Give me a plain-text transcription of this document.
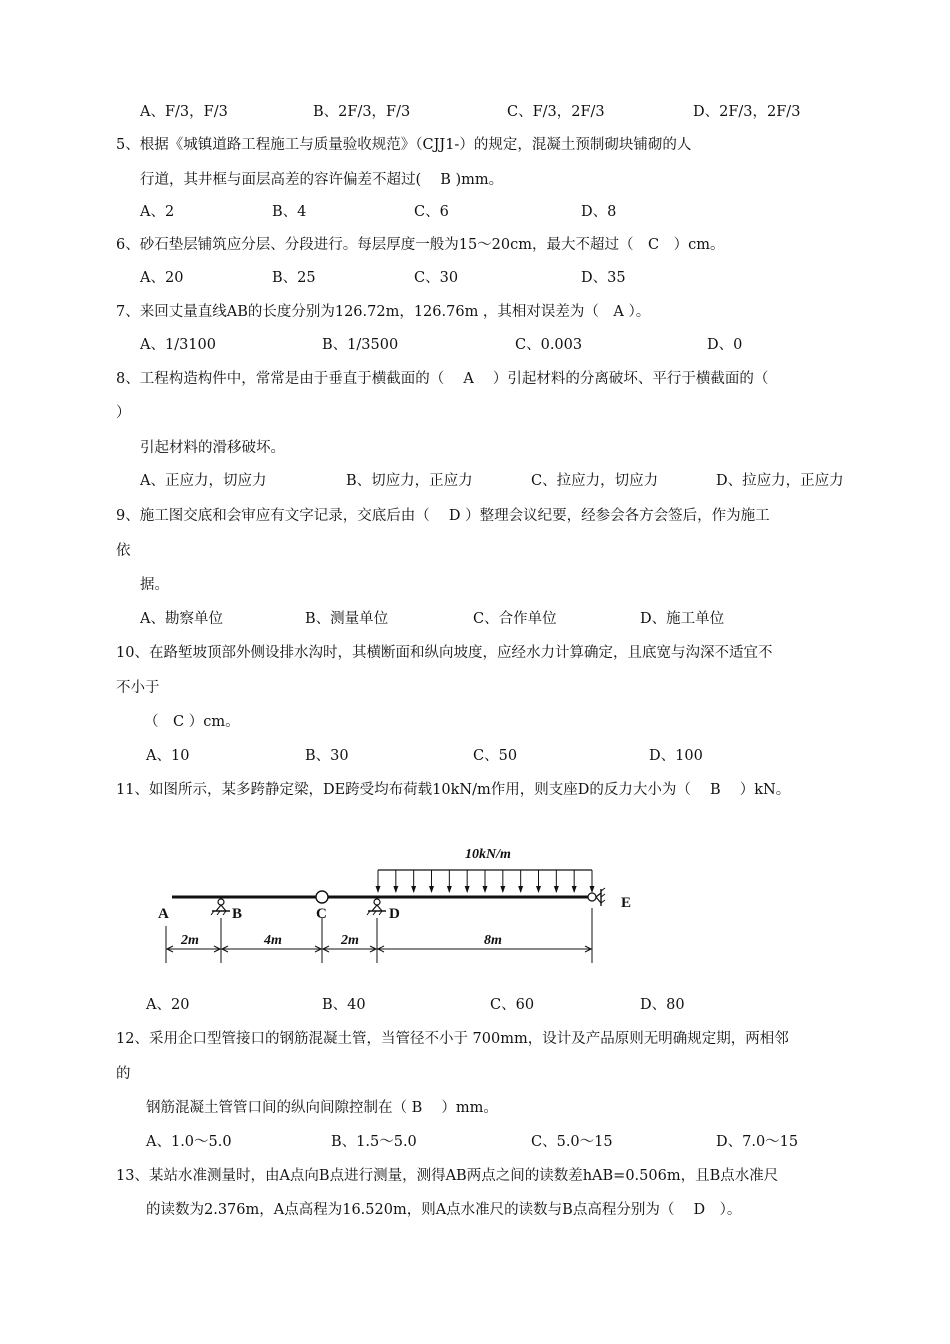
A、F/3，F/3	B、2F/3，F/3	C、F/3，2F/3	D、2F/3，2F/3
5、根据《城镇道路工程施工与质量验收规范》（CJJ1-）的规定，混凝土预制砌块铺砌的人
行道，其井框与面层高差的容许偏差不超过(　 B )mm。
A、2	B、4	C、6	D、8
6、砂石垫层铺筑应分层、分段进行。每层厚度一般为15～20cm，最大不超过（　C　）cm。
A、20	B、25	C、30	D、35
7、来回丈量直线AB的长度分别为126.72m，126.76m ，其相对误差为（　A ）。
A、1/3100	B、1/3500	C、0.003	D、0
8、工程构造构件中，常常是由于垂直于横截面的（　 A　 ）引起材料的分离破坏、平行于横截面的（
）
引起材料的滑移破坏。
A、正应力，切应力	B、切应力，正应力	C、拉应力，切应力	D、拉应力，正应力
9、施工图交底和会审应有文字记录，交底后由（　 D ）整理会议纪要，经参会各方会签后，作为施工
依
据。
A、勘察单位	B、测量单位	C、合作单位	D、施工单位
10、在路堑坡顶部外侧设排水沟时，其横断面和纵向坡度，应经水力计算确定，且底宽与沟深不适宜不
不小于
（　C ）cm。
A、10	B、30	C、50	D、100
11、如图所示，某多跨静定梁，DE跨受均布荷载10kN/m作用，则支座D的反力大小为（　 B　 ）kN。
10kN/m
A	B	C	D
E
2m	4m	2m	8m
A、20	B、40	C、60	D、80
12、采用企口型管接口的钢筋混凝土管，当管径不小于 700mm，设计及产品原则无明确规定期，两相邻
的
钢筋混凝土管管口间的纵向间隙控制在（ B　 ）mm。
A、1.0～5.0	B、1.5～5.0	C、5.0～15	D、7.0～15
13、某站水准测量时，由A点向B点进行测量，测得AB两点之间的读数差hAB=0.506m，且B点水准尺
的读数为2.376m，A点高程为16.520m，则A点水准尺的读数与B点高程分别为（　 D　）。
